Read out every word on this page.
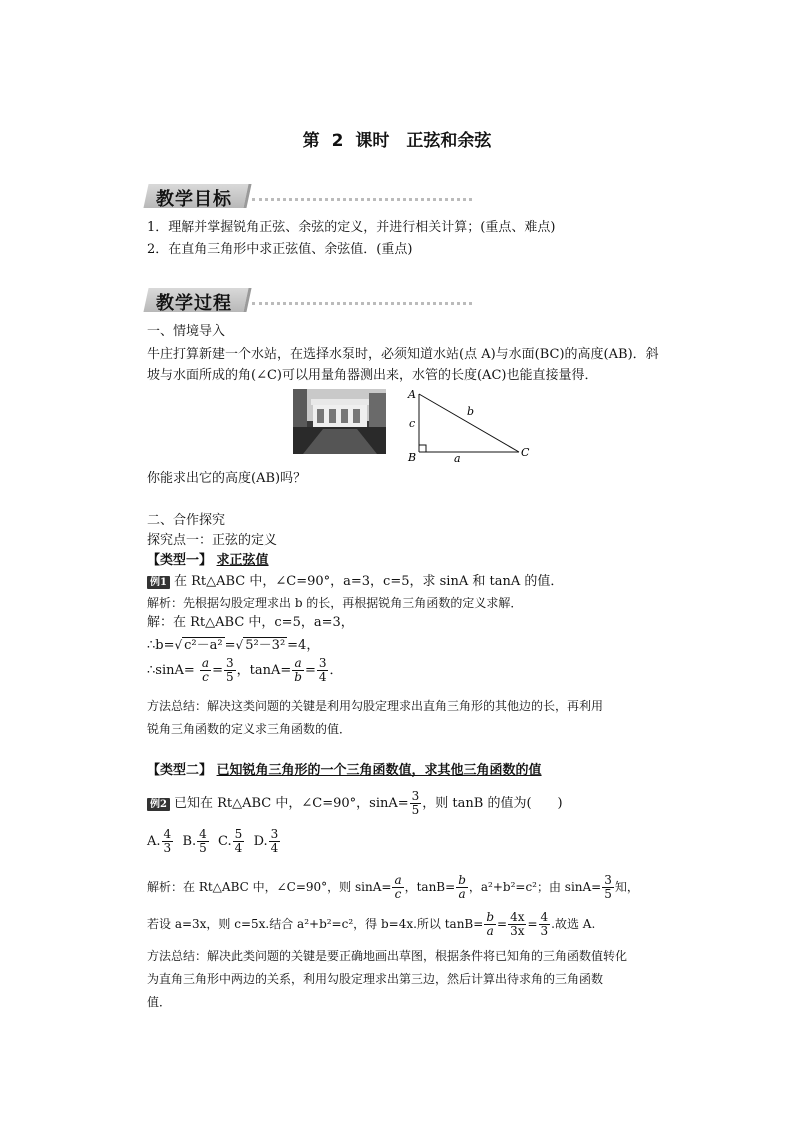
第 2 课时　正弦和余弦
教学目标
1．理解并掌握锐角正弦、余弦的定义，并进行相关计算；(重点、难点)
2．在直角三角形中求正弦值、余弦值．(重点)
教学过程
一、情境导入
牛庄打算新建一个水站，在选择水泵时，必须知道水站(点 A)与水面(BC)的高度(AB)．斜
坡与水面所成的角(∠C)可以用量角器测出来，水管的长度(AC)也能直接量得．
A
B	C
c
b
a
你能求出它的高度(AB)吗？
二、合作探究
探究点一：正弦的定义
【类型一】 求正弦值
例1 在 Rt△ABC 中，∠C=90°，a=3，c=5，求 sinA 和 tanA 的值．
解析：先根据勾股定理求出 b 的长，再根据锐角三角函数的定义求解．
解：在 Rt△ABC 中，c=5，a=3，
∴b=√ c²－a² =√ 5²－3² =4，
∴sinA= $\frac{a}{c} = \frac{3}{5}$ ，$\tan A= \frac{a}{b} = \frac{3}{4}$ ．
方法总结：解决这类问题的关键是利用勾股定理求出直角三角形的其他边的长，再利用
锐角三角函数的定义求三角函数的值．
【类型二】 已知锐角三角形的一个三角函数值，求其他三角函数的值
例2 已知在 Rt△ABC 中，∠C=90°，$\sin A= \frac{3}{5}$ ，则 tanB 的值为(　　)
A. $\frac{4}{3} B$. $\frac{4}{5} C$. $\frac{5}{4} D$. $\frac{3}{4}$
解析：在 Rt△ABC 中，∠C=90°，则 $\sin A= \frac{a}{c}$ ，$\tan B= \frac{b}{a}$ ，a²+b²=c²；由 $\sin A= \frac{3}{5}$ 知，
若设 a=3x，则 c=5x.结合 a²+b²=c²，得 b=4x.所以 $\tan B= \frac{b}{a} = \frac{4x}{3x} = \frac{4}{3}$ .故选 A.
方法总结：解决此类问题的关键是要正确地画出草图，根据条件将已知角的三角函数值转化
为直角三角形中两边的关系，利用勾股定理求出第三边，然后计算出待求角的三角函数
值．
